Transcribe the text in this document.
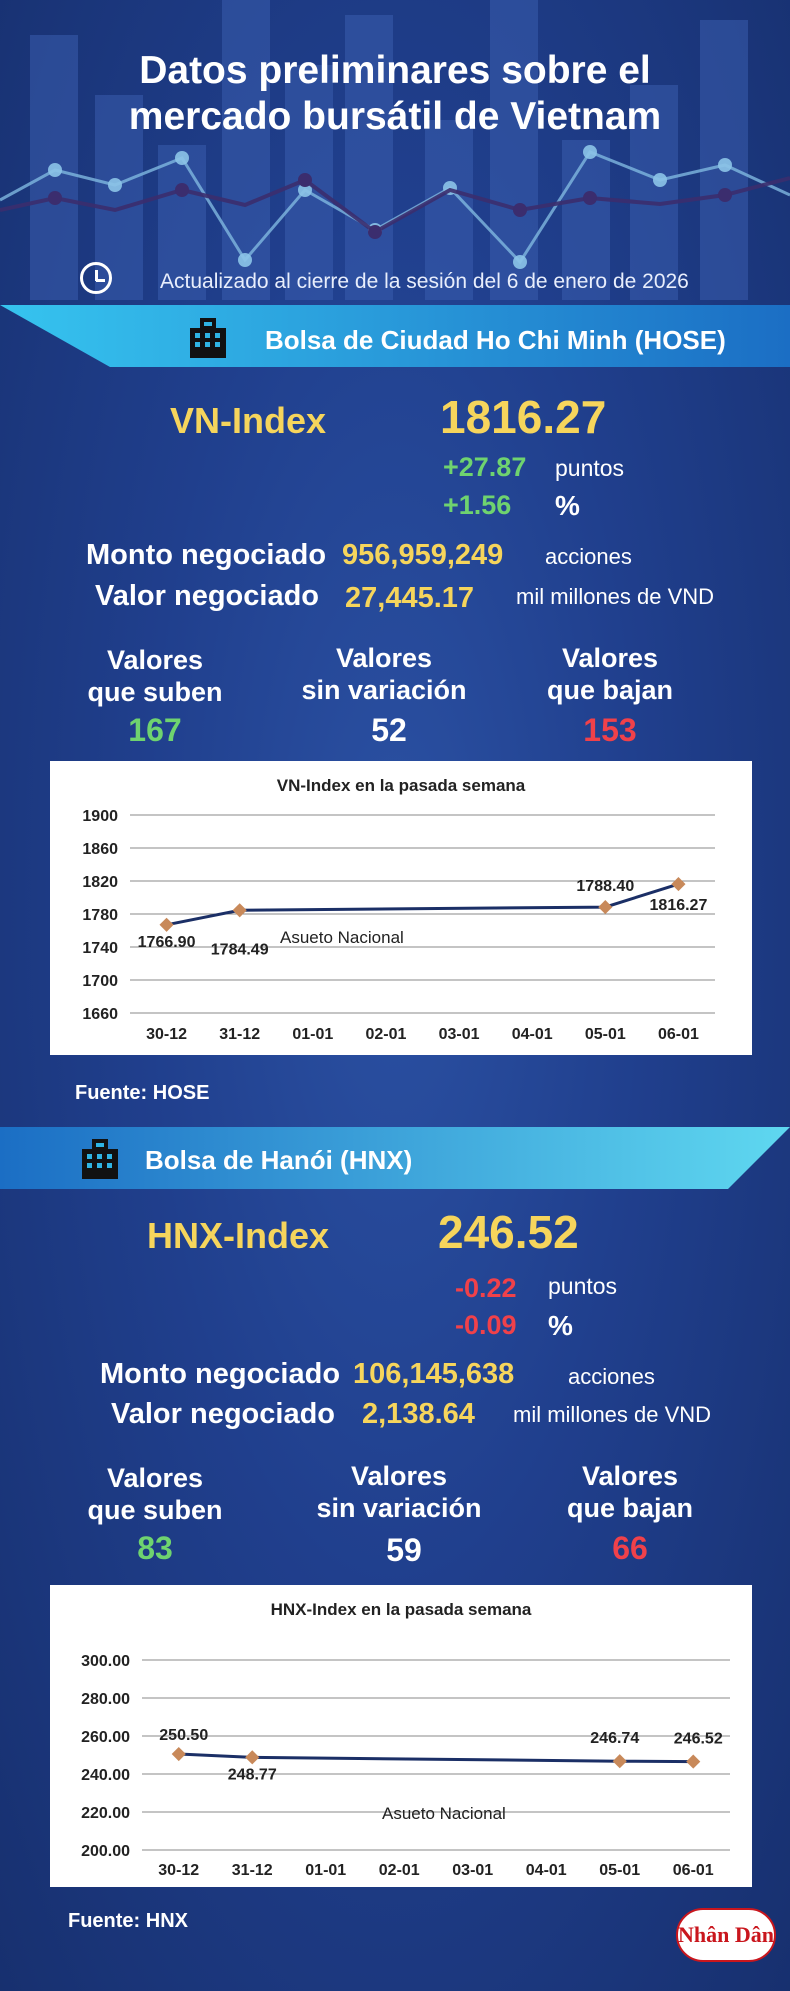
Datos preliminares sobre el
mercado bursátil de Vietnam
Actualizado al cierre de la sesión del 6 de enero de 2026
Bolsa de Ciudad Ho Chi Minh (HOSE)
VN-Index 1816.27
+27.87 puntos
+1.56 %
Monto negociado 956,959,249 acciones
Valor negociado 27,445.17 mil millones de VND
Valores
que suben
167
Valores
sin variación
52
Valores
que bajan
153
VN-Index en la pasada semana
1900
1860
1820
1780
1740
1700
1660
30-12 31-12 01-01 02-01 03-01 04-01 05-01 06-01
1766.90 1784.49
1788.40
1816.27
Asueto Nacional
Fuente: HOSE
Bolsa de Hanói (HNX)
HNX-Index 246.52
-0.22 puntos
-0.09 %
Monto negociado 106,145,638 acciones
Valor negociado 2,138.64 mil millones de VND
Valores
que suben
83
Valores
sin variación
59
Valores
que bajan
66
HNX-Index en la pasada semana
300.00
280.00
260.00
240.00
220.00
200.00
30-12 31-12 01-01 02-01 03-01 04-01 05-01 06-01
250.50
248.77
246.74 246.52
Asueto Nacional
Fuente: HNX
Nhân Dân
